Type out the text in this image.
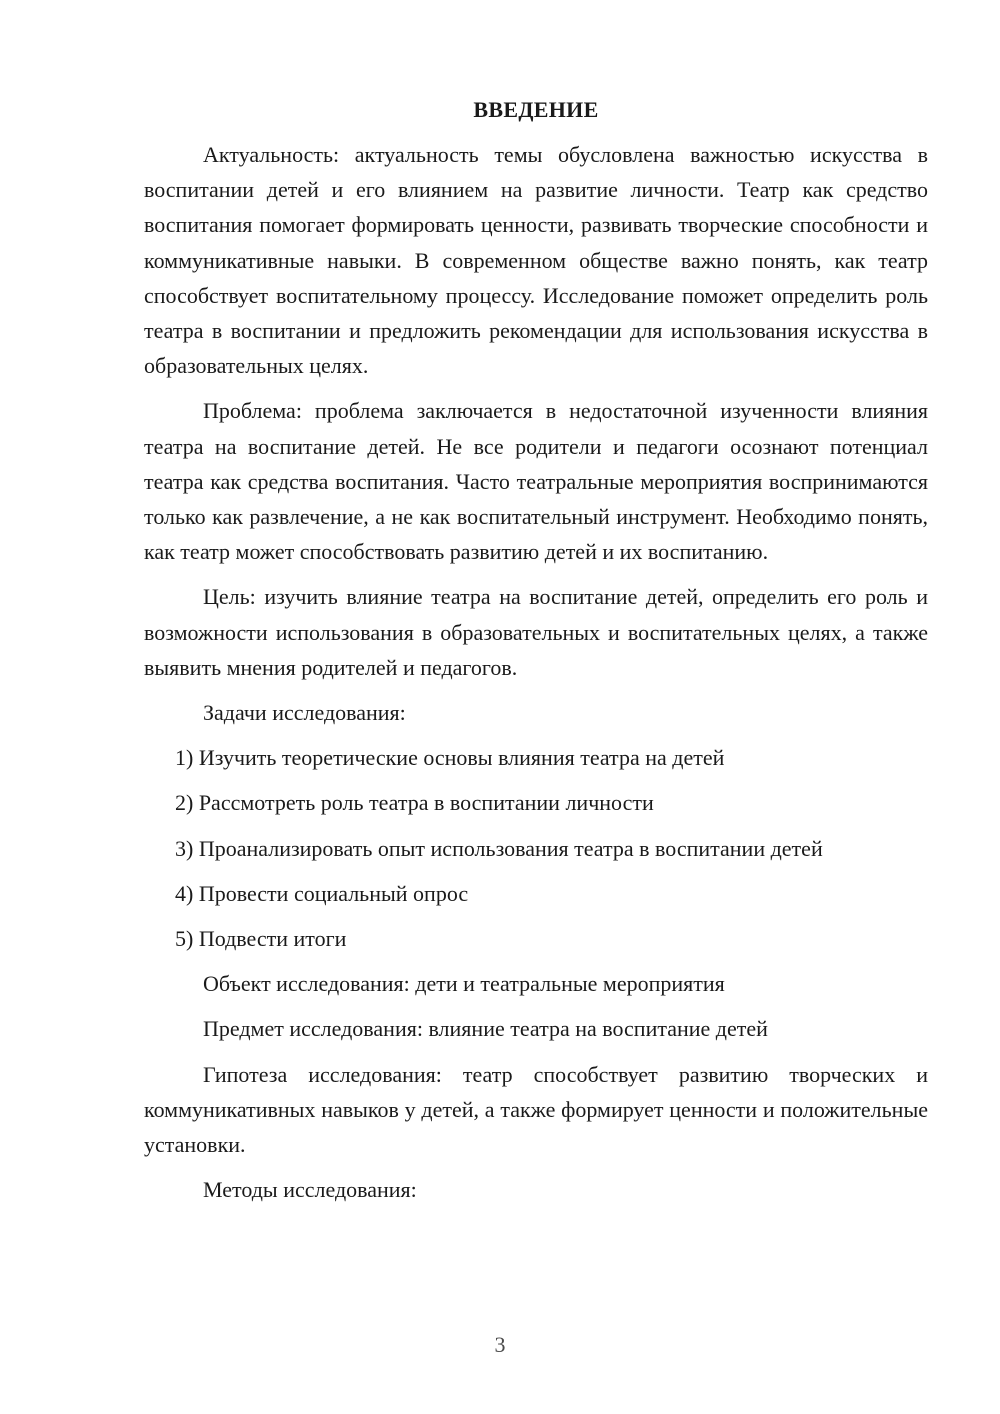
ВВЕДЕНИЕ

Актуальность: актуальность темы обусловлена важностью искусства в воспитании детей и его влиянием на развитие личности. Театр как средство воспитания помогает формировать ценности, развивать творческие способности и коммуникативные навыки. В современном обществе важно понять, как театр способствует воспитательному процессу. Исследование поможет определить роль театра в воспитании и предложить рекомендации для использования искусства в образовательных целях.

Проблема: проблема заключается в недостаточной изученности влияния театра на воспитание детей. Не все родители и педагоги осознают потенциал театра как средства воспитания. Часто театральные мероприятия воспринимаются только как развлечение, а не как воспитательный инструмент. Необходимо понять, как театр может способствовать развитию детей и их воспитанию.

Цель: изучить влияние театра на воспитание детей, определить его роль и возможности использования в образовательных и воспитательных целях, а также выявить мнения родителей и педагогов.

Задачи исследования:

1) Изучить теоретические основы влияния театра на детей
2) Рассмотреть роль театра в воспитании личности
3) Проанализировать опыт использования театра в воспитании детей
4) Провести социальный опрос
5) Подвести итоги

Объект исследования: дети и театральные мероприятия

Предмет исследования: влияние театра на воспитание детей

Гипотеза исследования: театр способствует развитию творческих и коммуникативных навыков у детей, а также формирует ценности и положительные установки.

Методы исследования:

3
